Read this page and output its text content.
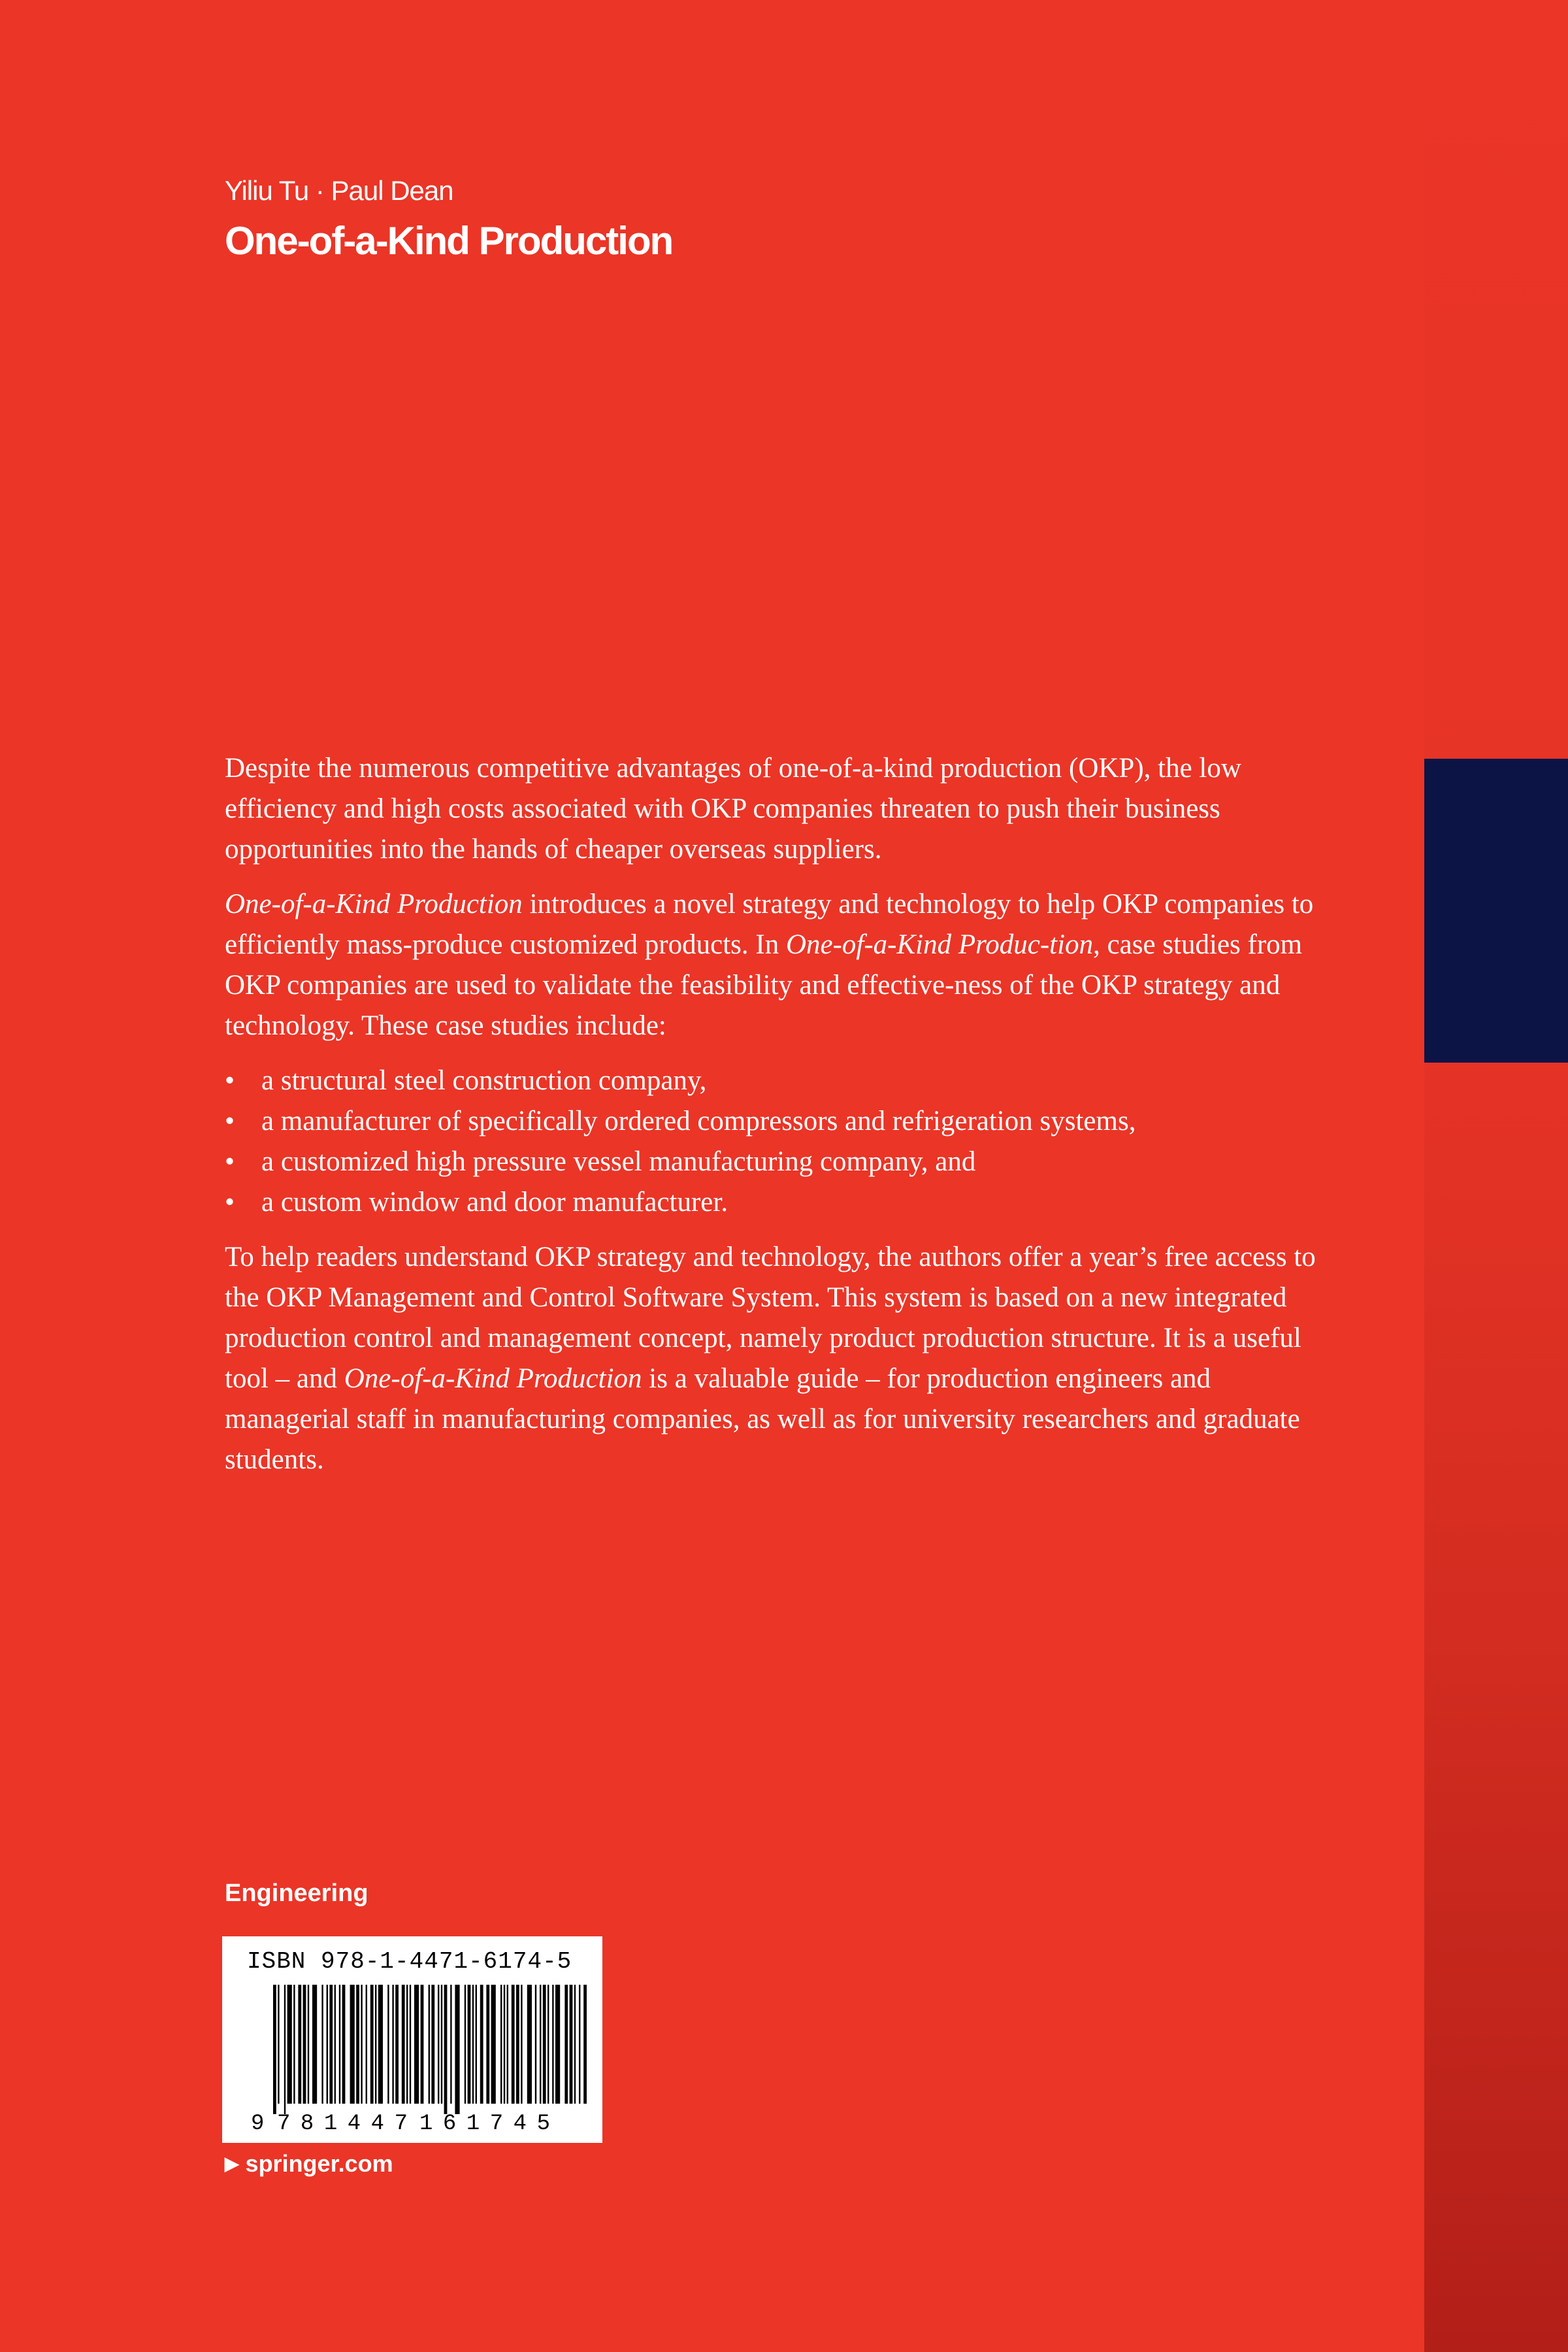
Yiliu Tu · Paul Dean
One-of-a-Kind Production

Despite the numerous competitive advantages of one-of-a-kind production (OKP), the low efficiency and high costs associated with OKP companies threaten to push their business opportunities into the hands of cheaper overseas suppliers.

One-of-a-Kind Production introduces a novel strategy and technology to help OKP companies to efficiently mass-produce customized products. In One-of-a-Kind Produc-tion, case studies from OKP companies are used to validate the feasibility and effective-ness of the OKP strategy and technology. These case studies include:

• a structural steel construction company,
• a manufacturer of specifically ordered compressors and refrigeration systems,
• a customized high pressure vessel manufacturing company, and
• a custom window and door manufacturer.

To help readers understand OKP strategy and technology, the authors offer a year’s free access to the OKP Management and Control Software System. This system is based on a new integrated production control and management concept, namely product production structure. It is a useful tool – and One-of-a-Kind Production is a valuable guide – for production engineers and managerial staff in manufacturing companies, as well as for university researchers and graduate students.

Engineering
ISBN 978-1-4471-6174-5
9 781447 161745
▶ springer.com
